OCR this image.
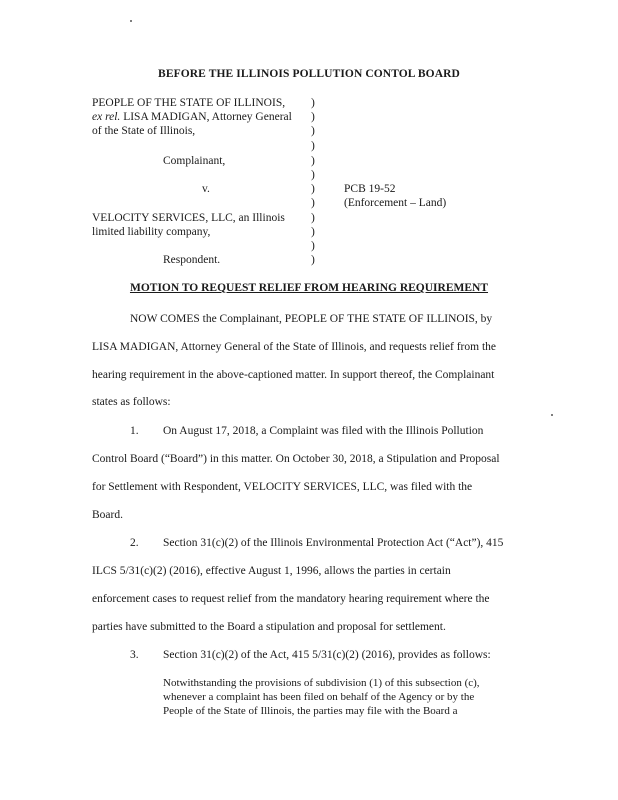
BEFORE THE ILLINOIS POLLUTION CONTOL BOARD
PEOPLE OF THE STATE OF ILLINOIS,
ex rel. LISA MADIGAN, Attorney General
of the State of Illinois,
Complainant,
v.
VELOCITY SERVICES, LLC, an Illinois
limited liability company,
Respondent.
)
)
)
)
)
)
)
)
)
)
)
)
PCB 19-52
(Enforcement – Land)
MOTION TO REQUEST RELIEF FROM HEARING REQUIREMENT
NOW COMES the Complainant, PEOPLE OF THE STATE OF ILLINOIS, by
LISA MADIGAN, Attorney General of the State of Illinois, and requests relief from the
hearing requirement in the above-captioned matter. In support thereof, the Complainant
states as follows:
1. On August 17, 2018, a Complaint was filed with the Illinois Pollution
Control Board (“Board”) in this matter. On October 30, 2018, a Stipulation and Proposal
for Settlement with Respondent, VELOCITY SERVICES, LLC, was filed with the
Board.
2. Section 31(c)(2) of the Illinois Environmental Protection Act (“Act”), 415
ILCS 5/31(c)(2) (2016), effective August 1, 1996, allows the parties in certain
enforcement cases to request relief from the mandatory hearing requirement where the
parties have submitted to the Board a stipulation and proposal for settlement.
3. Section 31(c)(2) of the Act, 415 5/31(c)(2) (2016), provides as follows:
Notwithstanding the provisions of subdivision (1) of this subsection (c),
whenever a complaint has been filed on behalf of the Agency or by the
People of the State of Illinois, the parties may file with the Board a
